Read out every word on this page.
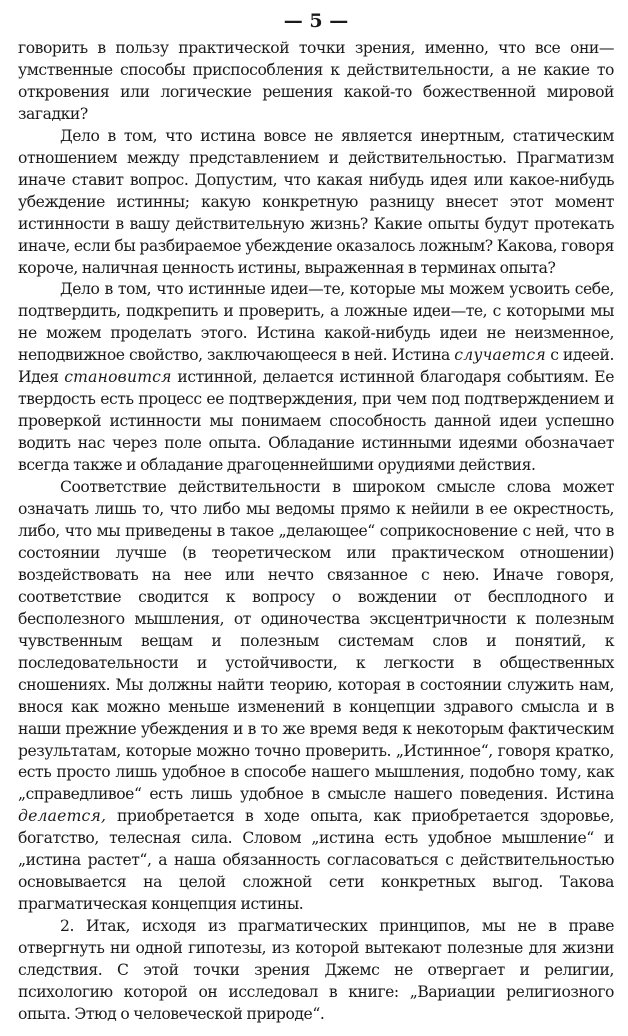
— 5 —

говорить в пользу практической точки зрения, именно, что все они—умственные способы приспособления к действительности, а не какие то откровения или логические решения какой-то божественной мировой загадки?

Дело в том, что истина вовсе не является инертным, статическим отношением между представлением и действительностью. Прагматизм иначе ставит вопрос. Допустим, что какая нибудь идея или какое-нибудь убеждение истинны; какую конкретную разницу внесет этот момент истинности в вашу действительную жизнь? Какие опыты будут протекать иначе, если бы разбираемое убеждение оказалось ложным? Какова, говоря короче, наличная ценность истины, выраженная в терминах опыта?

Дело в том, что истинные идеи—те, которые мы можем усвоить себе, подтвердить, подкрепить и проверить, а ложные идеи—те, с которыми мы не можем проделать этого. Истина какой-нибудь идеи не неизменное, неподвижное свойство, заключающееся в ней. Истина случается с идеей. Идея становится истинной, делается истинной благодаря событиям. Ее твердость есть процесс ее подтверждения, при чем под подтверждением и проверкой истинности мы понимаем способность данной идеи успешно водить нас через поле опыта. Обладание истинными идеями обозначает всегда также и обладание драгоценнейшими орудиями действия.

Соответствие действительности в широком смысле слова может означать лишь то, что либо мы ведомы прямо к нейили в ее окрестность, либо, что мы приведены в такое „делающее“ соприкосновение с ней, что в состоянии лучше (в теоретическом или практическом отношении) воздействовать на нее или нечто связанное с нею. Иначе говоря, соответствие сводится к вопросу о вождении от бесплодного и бесполезного мышления, от одиночества эксцентричности к полезным чувственным вещам и полезным системам слов и понятий, к последовательности и устойчивости, к легкости в общественных сношениях. Мы должны найти теорию, которая в состоянии служить нам, внося как можно меньше изменений в концепции здравого смысла и в наши прежние убеждения и в то же время ведя к некоторым фактическим результатам, которые можно точно проверить. „Истинное“, говоря кратко, есть просто лишь удобное в способе нашего мышления, подобно тому, как „справедливое“ есть лишь удобное в смысле нашего поведения. Истина делается, приобретается в ходе опыта, как приобретается здоровье, богатство, телесная сила. Словом „истина есть удобное мышление“ и „истина растет“, а наша обязанность согласоваться с действительностью основывается на целой сложной сети конкретных выгод. Такова прагматическая концепция истины.

2. Итак, исходя из прагматических принципов, мы не в праве отвергнуть ни одной гипотезы, из которой вытекают полезные для жизни следствия. С этой точки зрения Джемс не отвергает и религии, психологию которой он исследовал в книге: „Вариации религиозного опыта. Этюд о человеческой природе“.
